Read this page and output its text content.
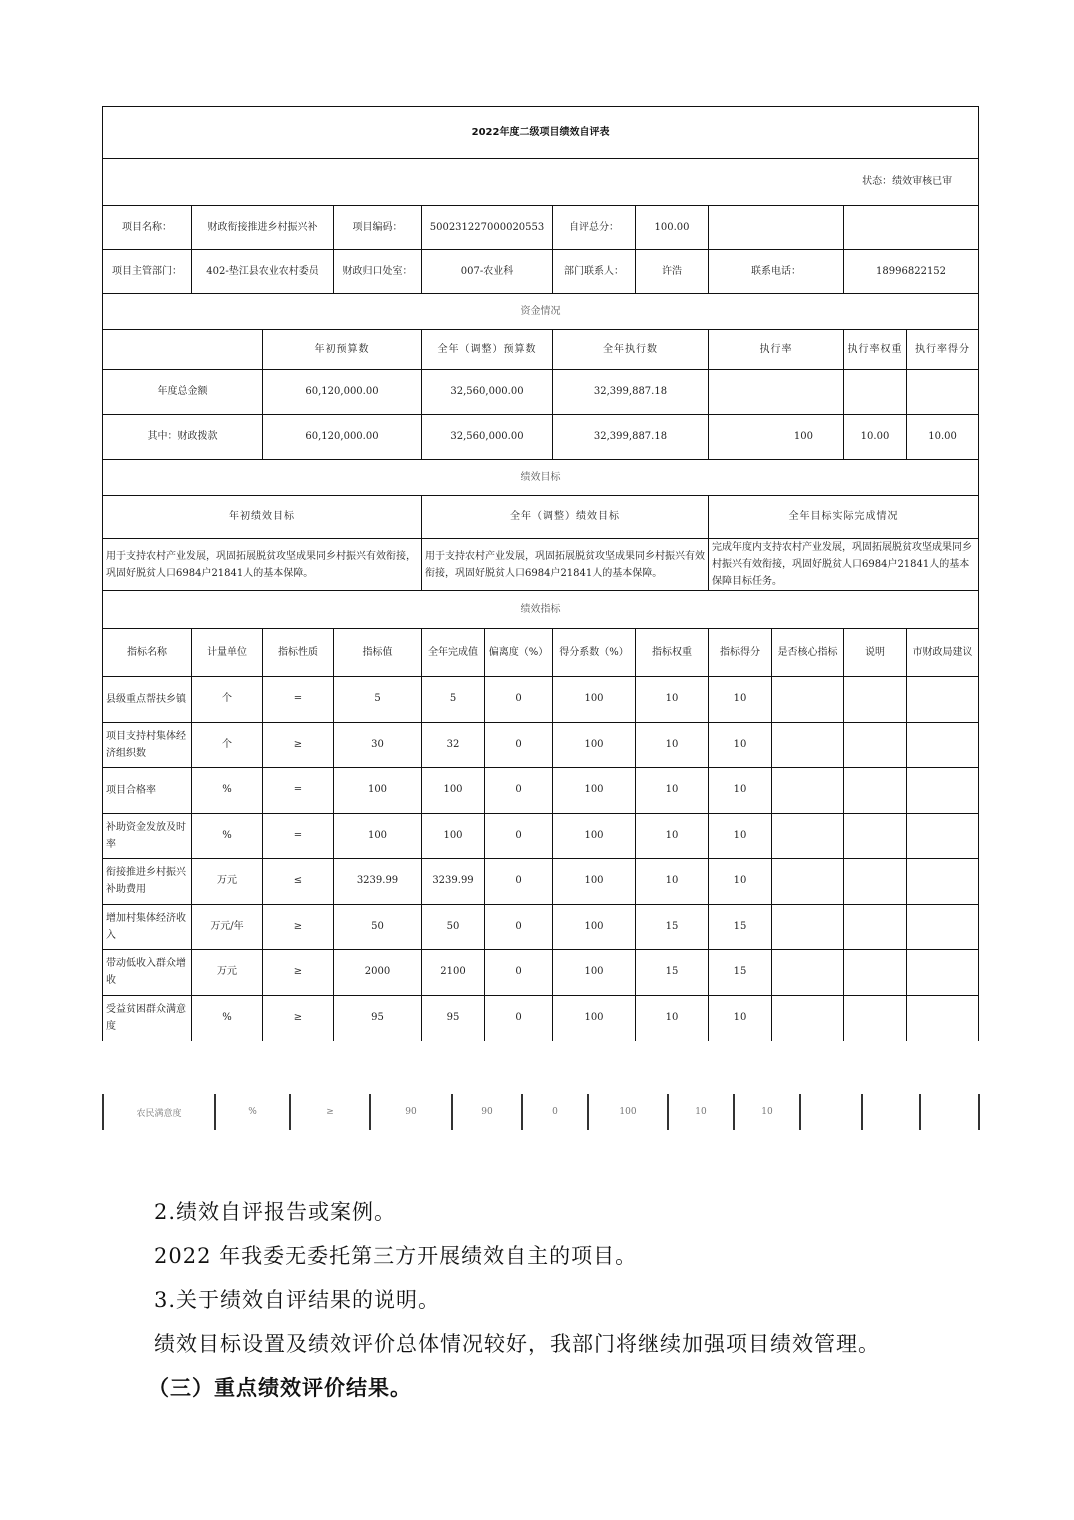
2022年度二级项目绩效自评表											
状态：绩效审核已审											
项目名称：	财政衔接推进乡村振兴补		项目编码：	500231227000020553		自评总分：	100.00				
项目主管部门：	402-垫江县农业农村委员		财政归口处室：	007-农业科		部门联系人：	许浩	联系电话：		18996822152	
资金情况											
		年初预算数		全年（调整）预算数		全年执行数		执行率		执行率权重	执行率得分
年度总金额		60,120,000.00		32,560,000.00		32,399,887.18					
其中：财政拨款		60,120,000.00		32,560,000.00		32,399,887.18		100		10.00	10.00
绩效目标											
年初绩效目标				全年（调整）绩效目标				全年目标实际完成情况			
用于支持农村产业发展，巩固拓展脱贫攻坚成果同乡村振兴有效衔接，巩固好脱贫人口6984户21841人的基本保障。				用于支持农村产业发展，巩固拓展脱贫攻坚成果同乡村振兴有效衔接，巩固好脱贫人口6984户21841人的基本保障。				完成年度内支持农村产业发展，巩固拓展脱贫攻坚成果同乡村振兴有效衔接，巩固好脱贫人口6984户21841人的基本保障目标任务。			
绩效指标											
指标名称	计量单位	指标性质	指标值	全年完成值	偏离度（%）	得分系数（%）	指标权重	指标得分	是否核心指标	说明	市财政局建议
县级重点帮扶乡镇	个	=	5	5	0	100	10	10			
项目支持村集体经济组织数	个	≥	30	32	0	100	10	10			
项目合格率	%	=	100	100	0	100	10	10			
补助资金发放及时率	%	=	100	100	0	100	10	10			
衔接推进乡村振兴补助费用	万元	≤	3239.99	3239.99	0	100	10	10			
增加村集体经济收入	万元/年	≥	50	50	0	100	15	15			
带动低收入群众增收	万元	≥	2000	2100	0	100	15	15			
受益贫困群众满意度	%	≥	95	95	0	100	10	10			
农民满意度	%	≥	90	90	0	100	10	10			

2.绩效自评报告或案例。

2022 年我委无委托第三方开展绩效自主的项目。

3.关于绩效自评结果的说明。

绩效目标设置及绩效评价总体情况较好，我部门将继续加强项目绩效管理。

（三）重点绩效评价结果。
